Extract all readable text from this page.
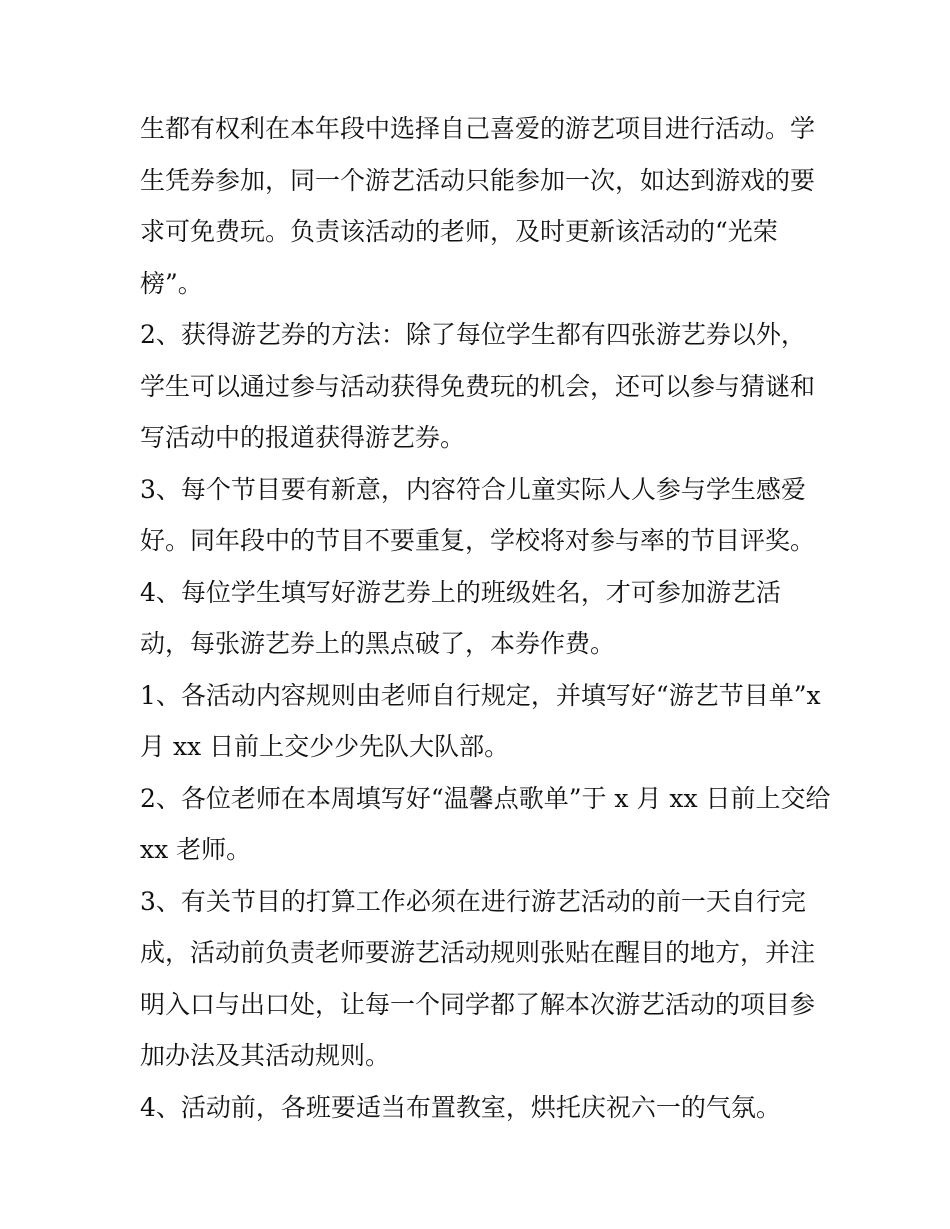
生都有权利在本年段中选择自己喜爱的游艺项目进行活动。学
生凭券参加，同一个游艺活动只能参加一次，如达到游戏的要
求可免费玩。负责该活动的老师，及时更新该活动的“光荣
榜”。

2、获得游艺券的方法：除了每位学生都有四张游艺券以外，
学生可以通过参与活动获得免费玩的机会，还可以参与猜谜和
写活动中的报道获得游艺券。

3、每个节目要有新意，内容符合儿童实际人人参与学生感爱
好。同年段中的节目不要重复，学校将对参与率的节目评奖。

4、每位学生填写好游艺券上的班级姓名，才可参加游艺活
动，每张游艺券上的黑点破了，本券作费。

1、各活动内容规则由老师自行规定，并填写好“游艺节目单”x
月 xx 日前上交少少先队大队部。

2、各位老师在本周填写好“温馨点歌单”于 x 月 xx 日前上交给
xx 老师。

3、有关节目的打算工作必须在进行游艺活动的前一天自行完
成，活动前负责老师要游艺活动规则张贴在醒目的地方，并注
明入口与出口处，让每一个同学都了解本次游艺活动的项目参
加办法及其活动规则。

4、活动前，各班要适当布置教室，烘托庆祝六一的气氛。
